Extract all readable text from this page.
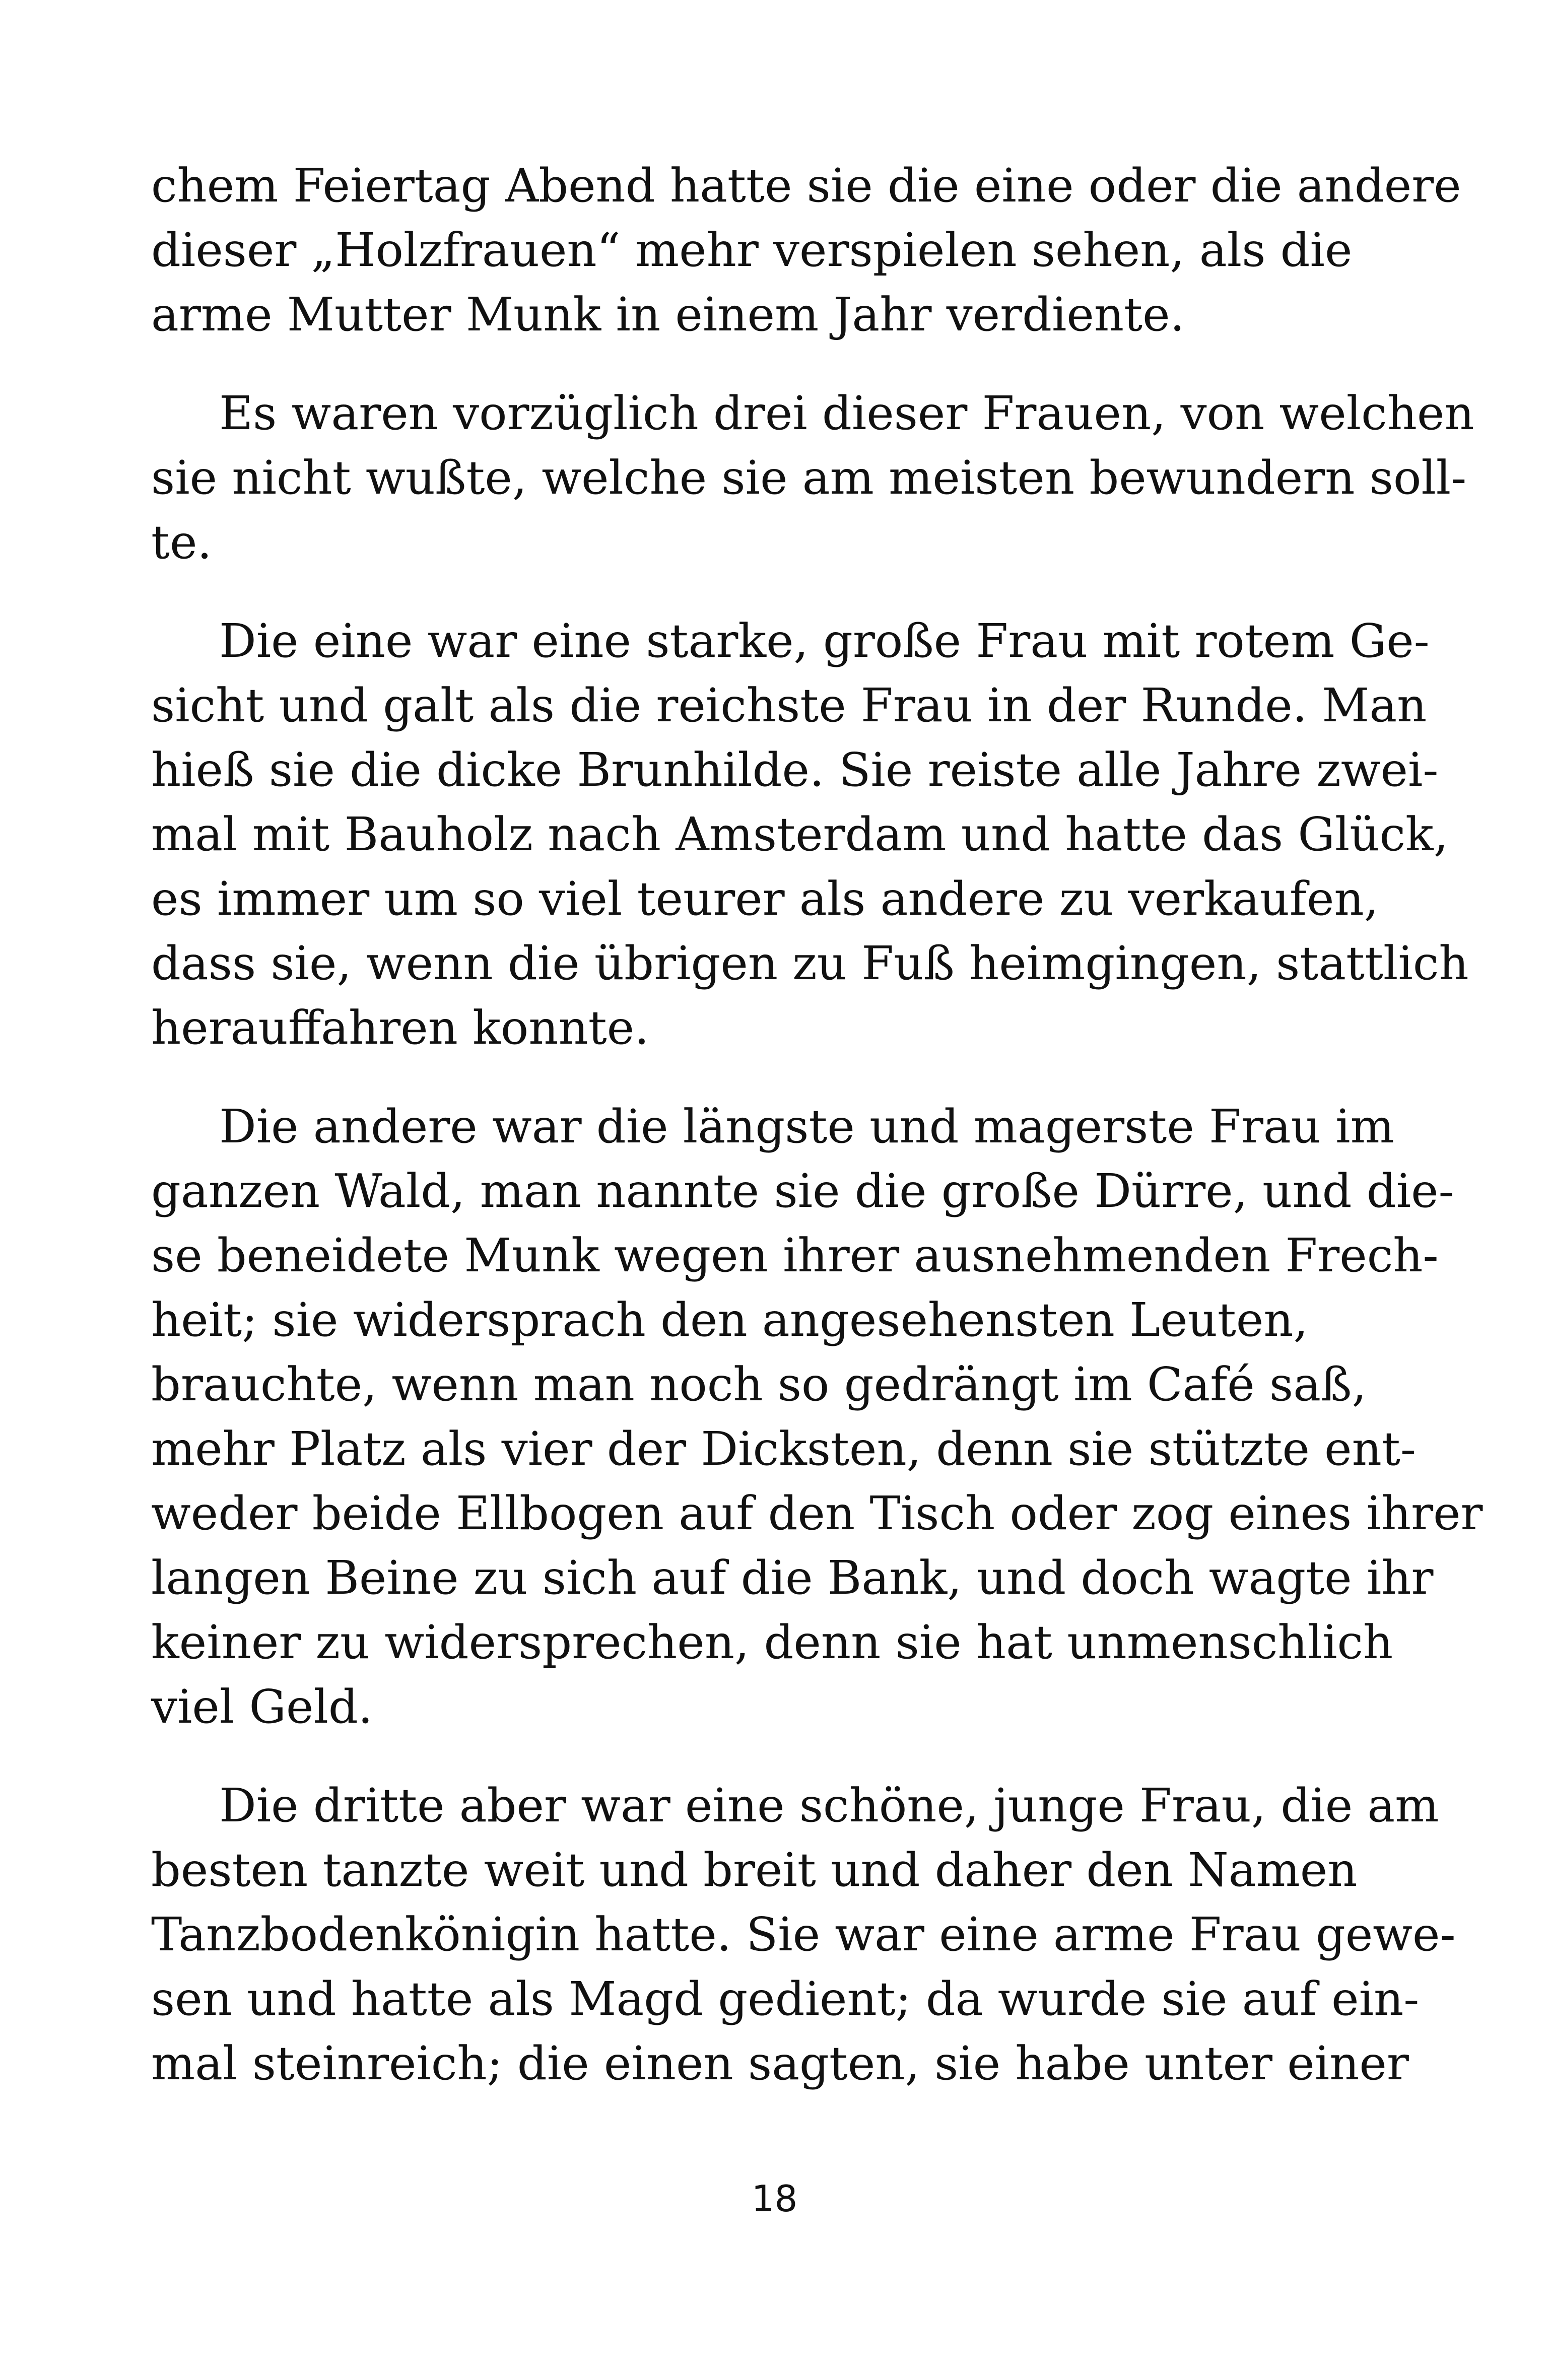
chem Feiertag Abend hatte sie die eine oder die andere
dieser „Holzfrauen“ mehr verspielen sehen, als die
arme Mutter Munk in einem Jahr verdiente.

Es waren vorzüglich drei dieser Frauen, von welchen
sie nicht wußte, welche sie am meisten bewundern soll-
te.

Die eine war eine starke, große Frau mit rotem Ge-
sicht und galt als die reichste Frau in der Runde. Man
hieß sie die dicke Brunhilde. Sie reiste alle Jahre zwei-
mal mit Bauholz nach Amsterdam und hatte das Glück,
es immer um so viel teurer als andere zu verkaufen,
dass sie, wenn die übrigen zu Fuß heimgingen, stattlich
herauffahren konnte.

Die andere war die längste und magerste Frau im
ganzen Wald, man nannte sie die große Dürre, und die-
se beneidete Munk wegen ihrer ausnehmenden Frech-
heit; sie widersprach den angesehensten Leuten,
brauchte, wenn man noch so gedrängt im Café saß,
mehr Platz als vier der Dicksten, denn sie stützte ent-
weder beide Ellbogen auf den Tisch oder zog eines ihrer
langen Beine zu sich auf die Bank, und doch wagte ihr
keiner zu widersprechen, denn sie hat unmenschlich
viel Geld.

Die dritte aber war eine schöne, junge Frau, die am
besten tanzte weit und breit und daher den Namen
Tanzbodenkönigin hatte. Sie war eine arme Frau gewe-
sen und hatte als Magd gedient; da wurde sie auf ein-
mal steinreich; die einen sagten, sie habe unter einer

18
